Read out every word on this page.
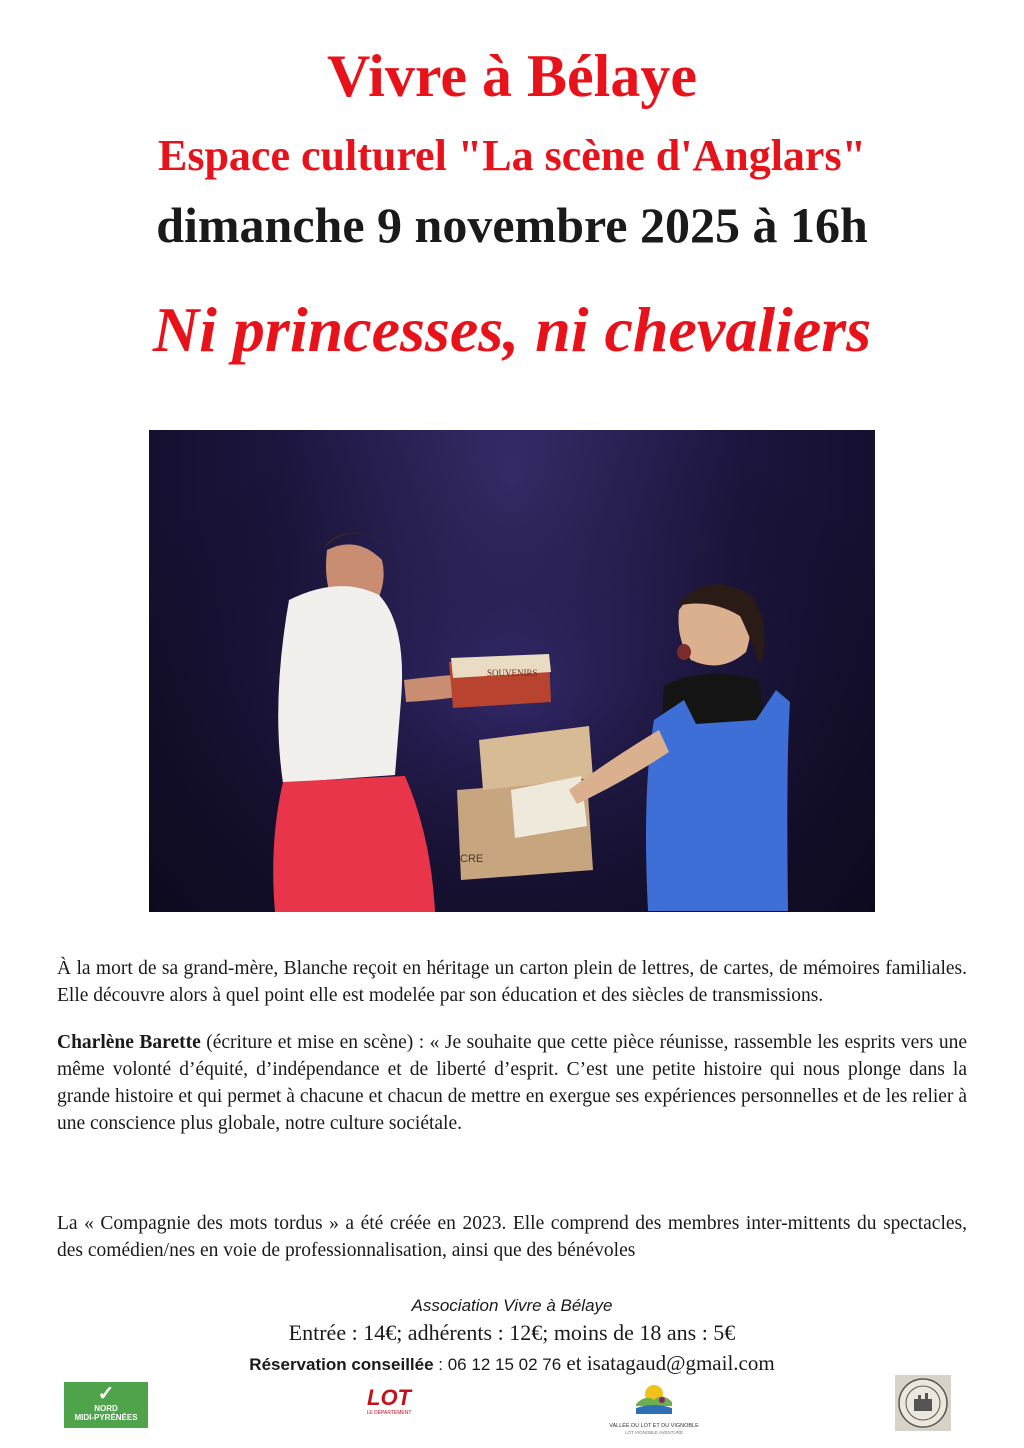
Vivre à Bélaye
Espace culturel "La scène d'Anglars"
dimanche 9 novembre 2025 à 16h
Ni princesses, ni chevaliers
SOUVENIRS
CRE

À la mort de sa grand-mère, Blanche reçoit en héritage un carton plein de lettres, de cartes, de mémoires familiales. Elle découvre alors à quel point elle est modelée par son éducation et des siècles de transmissions.

Charlène Barette (écriture et mise en scène) : « Je souhaite que cette pièce réunisse, rassemble les esprits vers une même volonté d’équité, d’indépendance et de liberté d’esprit. C’est une petite histoire qui nous plonge dans la grande histoire et qui permet à chacune et chacun de mettre en exergue ses expériences personnelles et de les relier à une conscience plus globale, notre culture sociétale.

La « Compagnie des mots tordus » a été créée en 2023. Elle comprend des membres inter-mittents du spectacles, des comédien/nes en voie de professionnalisation, ainsi que des bénévoles

Association Vivre à Bélaye
Entrée : 14€; adhérents : 12€; moins de 18 ans : 5€
Réservation conseillée : 06 12 15 02 76 et isatagaud@gmail.com
✓
NORD
MIDI-PYRÉNÉES
LOT
LE DÉPARTEMENT
VALLÉE DU LOT ET DU VIGNOBLE
LOT VIGNOBLE AVENTURE
